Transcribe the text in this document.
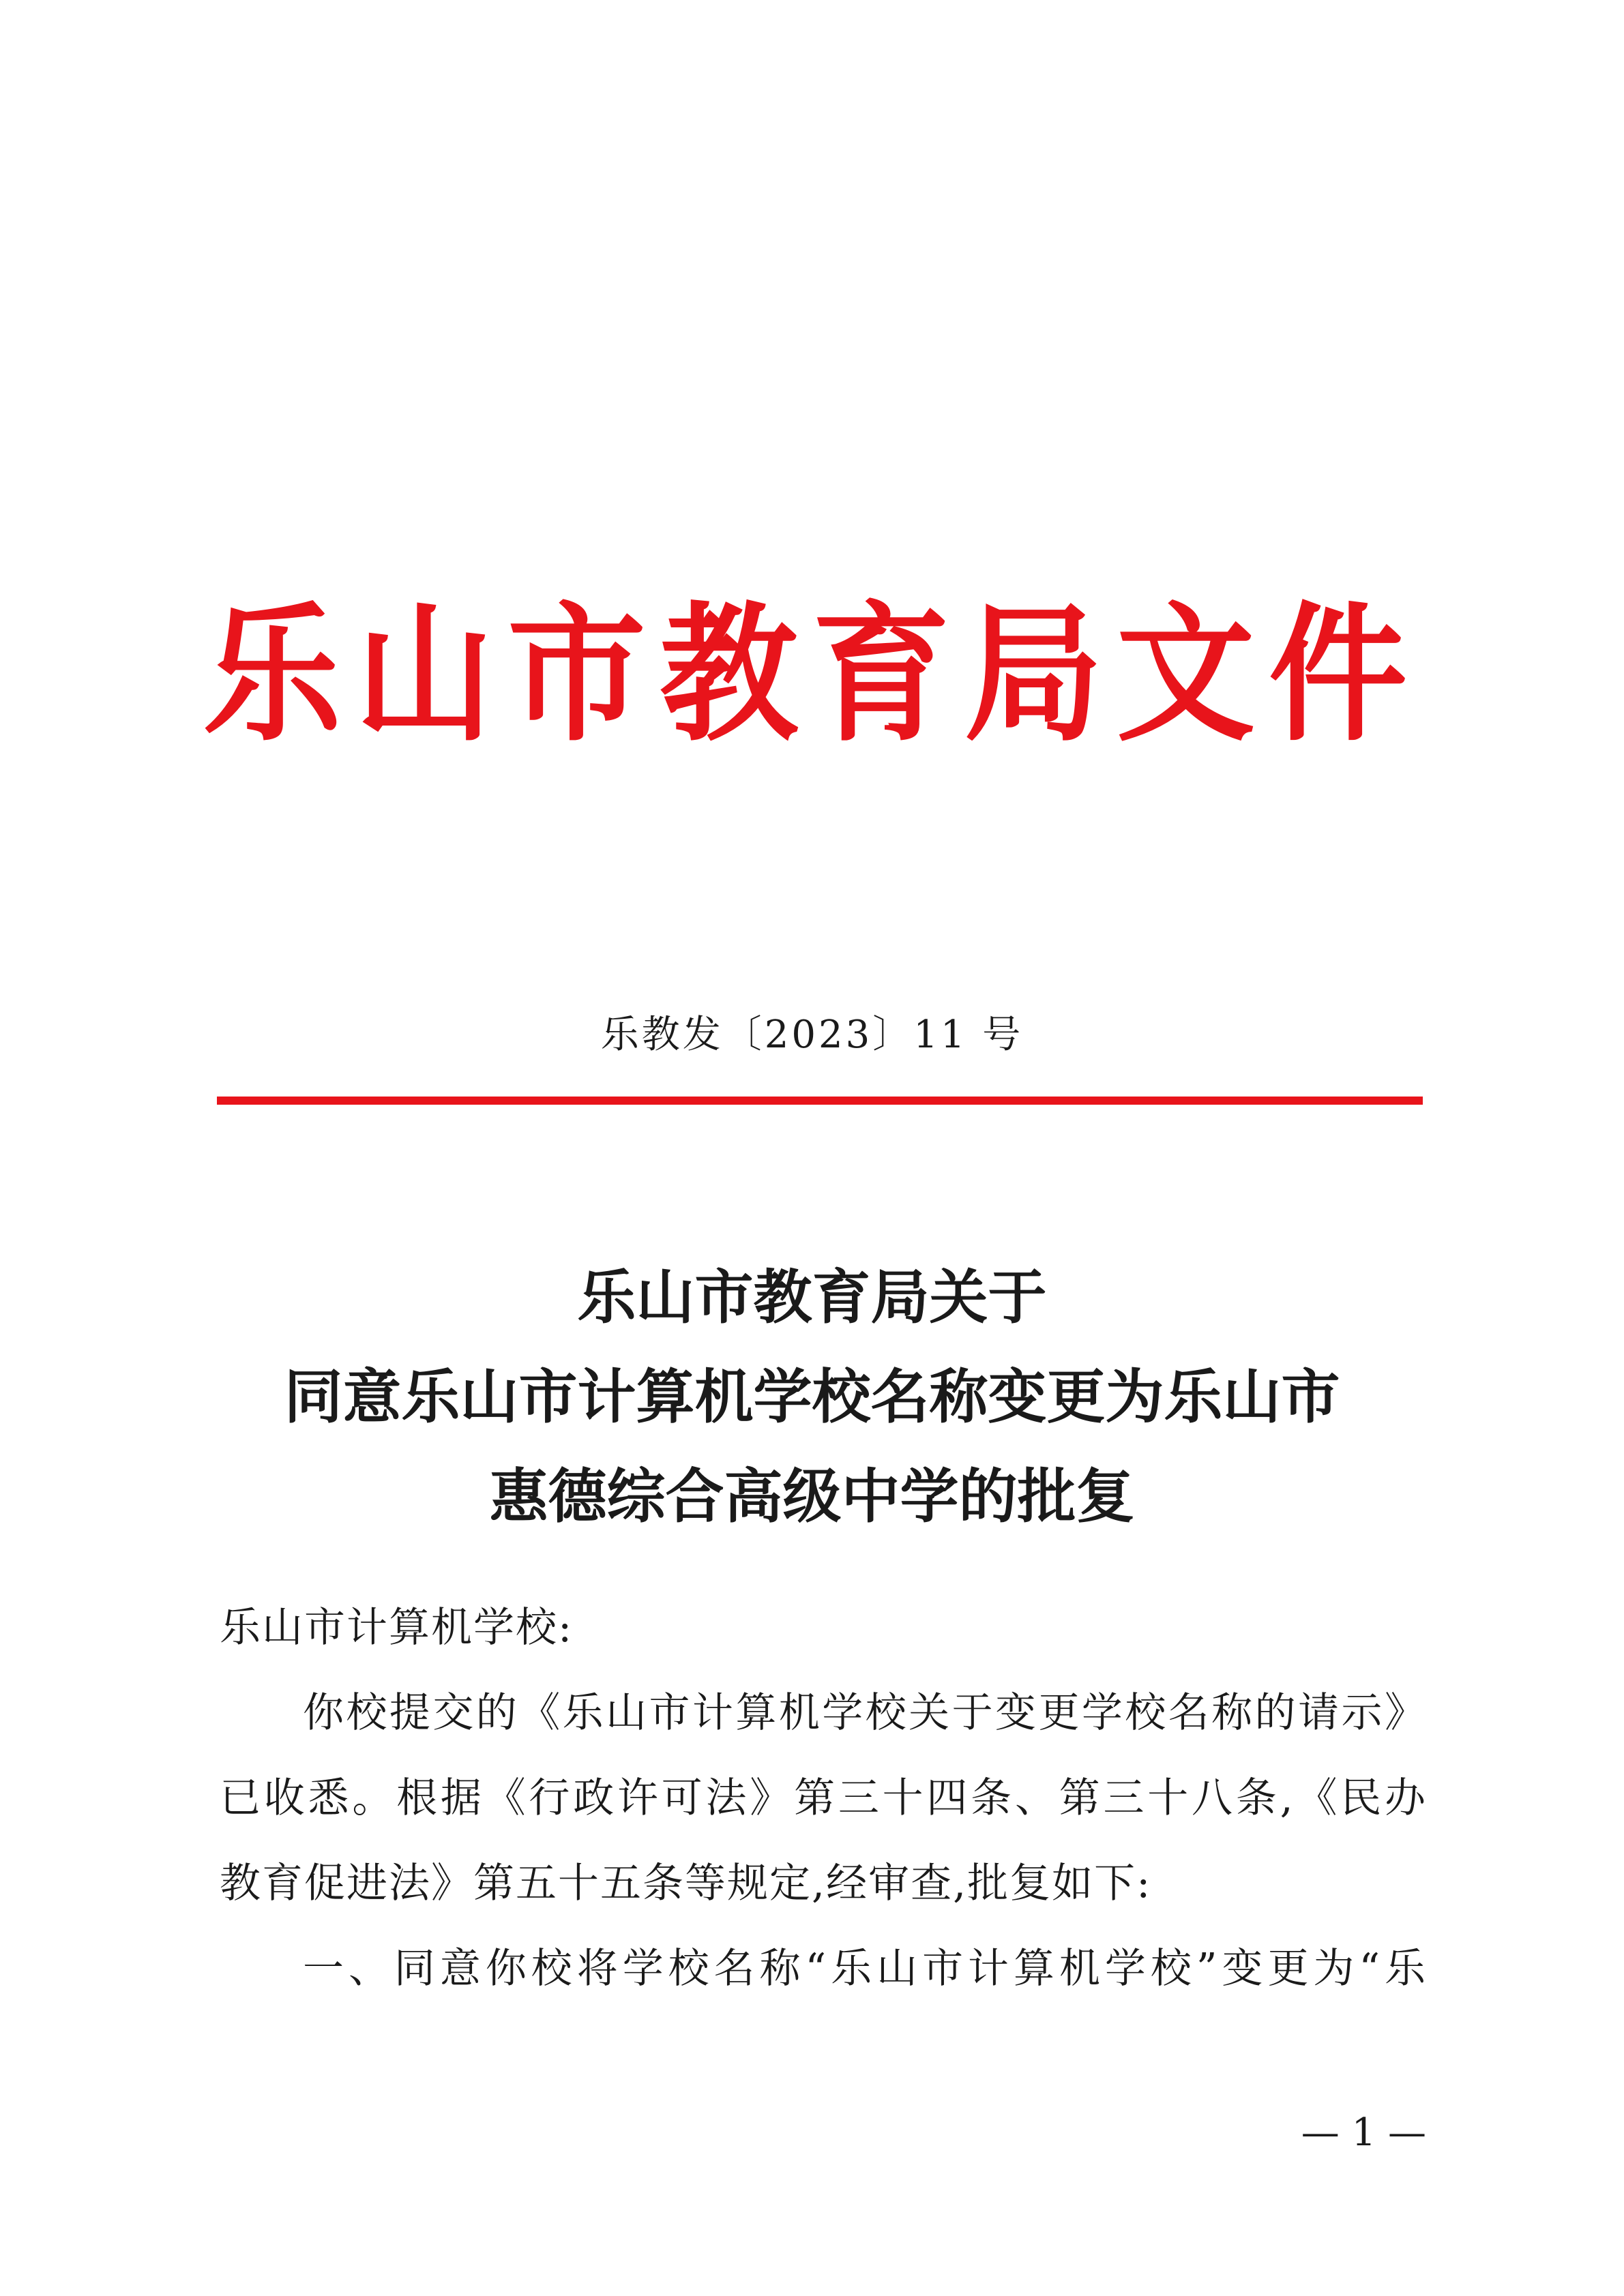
乐山市教育局文件
乐教发〔2023〕11 号
乐山市教育局关于
同意乐山市计算机学校名称变更为乐山市
惠德综合高级中学的批复
乐山市计算机学校:
你校提交的《乐山市计算机学校关于变更学校名称的请示》
已收悉。根据《行政许可法》第三十四条、第三十八条,《民办
教育促进法》第五十五条等规定,经审查,批复如下:
一、同意你校将学校名称“乐山市计算机学校”变更为“乐
— 1 —
